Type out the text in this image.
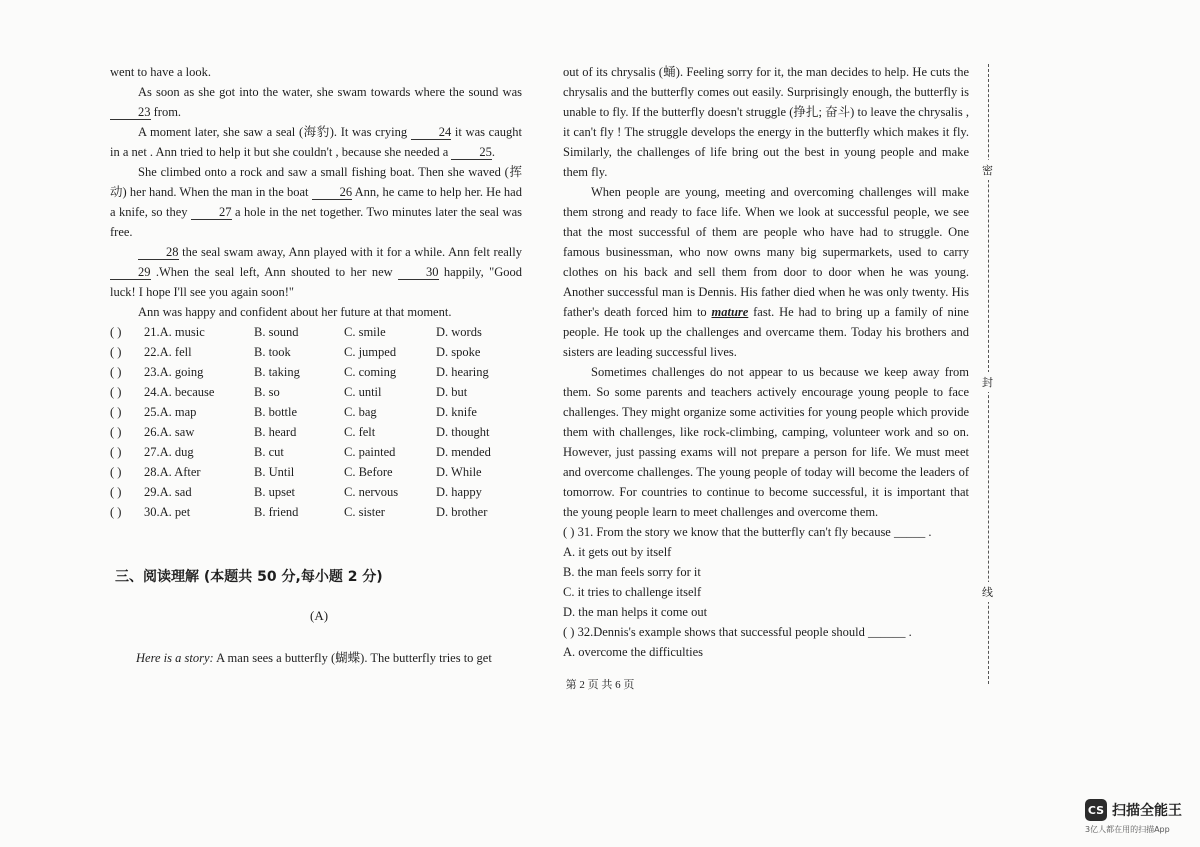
went to have a look.

As soon as she got into the water, she swam towards where the sound was 23 from.

A moment later, she saw a seal (海豹). It was crying 24 it was caught in a net . Ann tried to help it but she couldn't , because she needed a 25.

She climbed onto a rock and saw a small fishing boat. Then she waved (挥动) her hand. When the man in the boat 26 Ann, he came to help her. He had a knife, so they 27 a hole in the net together. Two minutes later the seal was free.

28 the seal swam away, Ann played with it for a while. Ann felt really 29 .When the seal left, Ann shouted to her new 30 happily, "Good luck! I hope I'll see you again soon!"

Ann was happy and confident about her future at that moment.

( )	21.A. music	B. sound	C. smile	D. words
( )	22.A. fell	B. took	C. jumped	D. spoke
( )	23.A. going	B. taking	C. coming	D. hearing
( )	24.A. because	B. so	C. until	D. but
( )	25.A. map	B. bottle	C. bag	D. knife
( )	26.A. saw	B. heard	C. felt	D. thought
( )	27.A. dug	B. cut	C. painted	D. mended
( )	28.A. After	B. Until	C. Before	D. While
( )	29.A. sad	B. upset	C. nervous	D. happy
( )	30.A. pet	B. friend	C. sister	D. brother
三、阅读理解 (本题共 50 分,每小题 2 分)
(A)
Here is a story: A man sees a butterfly (蝴蝶). The butterfly tries to get

out of its chrysalis (蛹). Feeling sorry for it, the man decides to help. He cuts the chrysalis and the butterfly comes out easily. Surprisingly enough, the butterfly is unable to fly. If the butterfly doesn't struggle (挣扎; 奋斗) to leave the chrysalis , it can't fly ! The struggle develops the energy in the butterfly which makes it fly. Similarly, the challenges of life bring out the best in young people and make them fly.

When people are young, meeting and overcoming challenges will make them strong and ready to face life. When we look at successful people, we see that the most successful of them are people who have had to struggle. One famous businessman, who now owns many big supermarkets, used to carry clothes on his back and sell them from door to door when he was young. Another successful man is Dennis. His father died when he was only twenty. His father's death forced him to mature fast. He had to bring up a family of nine people. He took up the challenges and overcame them. Today his brothers and sisters are leading successful lives.

Sometimes challenges do not appear to us because we keep away from them. So some parents and teachers actively encourage young people to face challenges. They might organize some activities for young people which provide them with challenges, like rock-climbing, camping, volunteer work and so on. However, just passing exams will not prepare a person for life. We must meet and overcome challenges. The young people of today will become the leaders of tomorrow. For countries to continue to become successful, it is important that the young people learn to meet challenges and overcome them.

( ) 31. From the story we know that the butterfly can't fly because _____ .
A. it gets out by itself
B. the man feels sorry for it
C. it tries to challenge itself
D. the man helps it come out
( ) 32.Dennis's example shows that successful people should ______ .
A. overcome the difficulties
密
封
线
第 2 页 共 6 页
CS 扫描全能王
3亿人都在用的扫描App
